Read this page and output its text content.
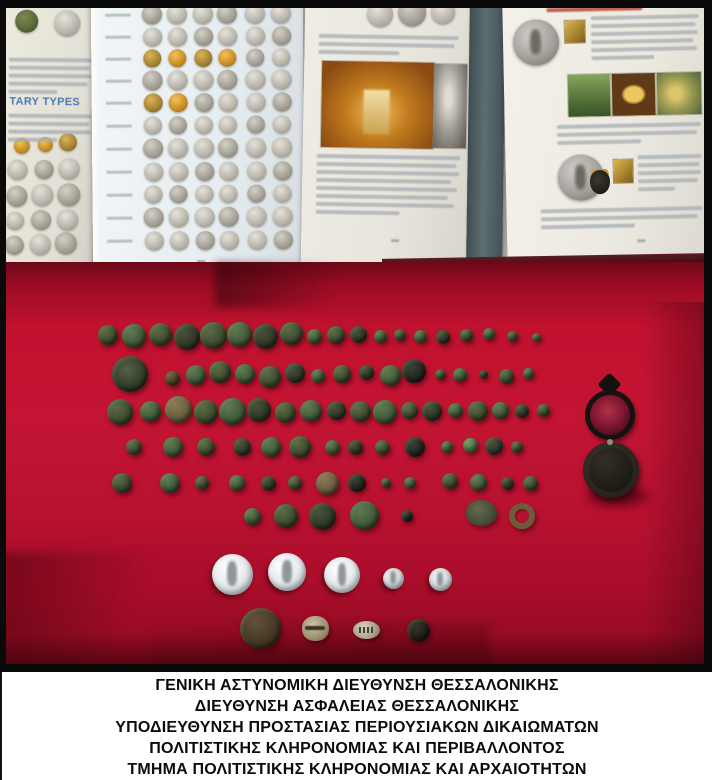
TARY TYPES
ΓΕΝΙΚΗ ΑΣΤΥΝΟΜΙΚΗ ΔΙΕΥΘΥΝΣΗ ΘΕΣΣΑΛΟΝΙΚΗΣ
ΔΙΕΥΘΥΝΣΗ ΑΣΦΑΛΕΙΑΣ ΘΕΣΣΑΛΟΝΙΚΗΣ
ΥΠΟΔΙΕΥΘΥΝΣΗ ΠΡΟΣΤΑΣΙΑΣ ΠΕΡΙΟΥΣΙΑΚΩΝ ΔΙΚΑΙΩΜΑΤΩΝ
ΠΟΛΙΤΙΣΤΙΚΗΣ ΚΛΗΡΟΝΟΜΙΑΣ ΚΑΙ ΠΕΡΙΒΑΛΛΟΝΤΟΣ
ΤΜΗΜΑ ΠΟΛΙΤΙΣΤΙΚΗΣ ΚΛΗΡΟΝΟΜΙΑΣ ΚΑΙ ΑΡΧΑΙΟΤΗΤΩΝ
